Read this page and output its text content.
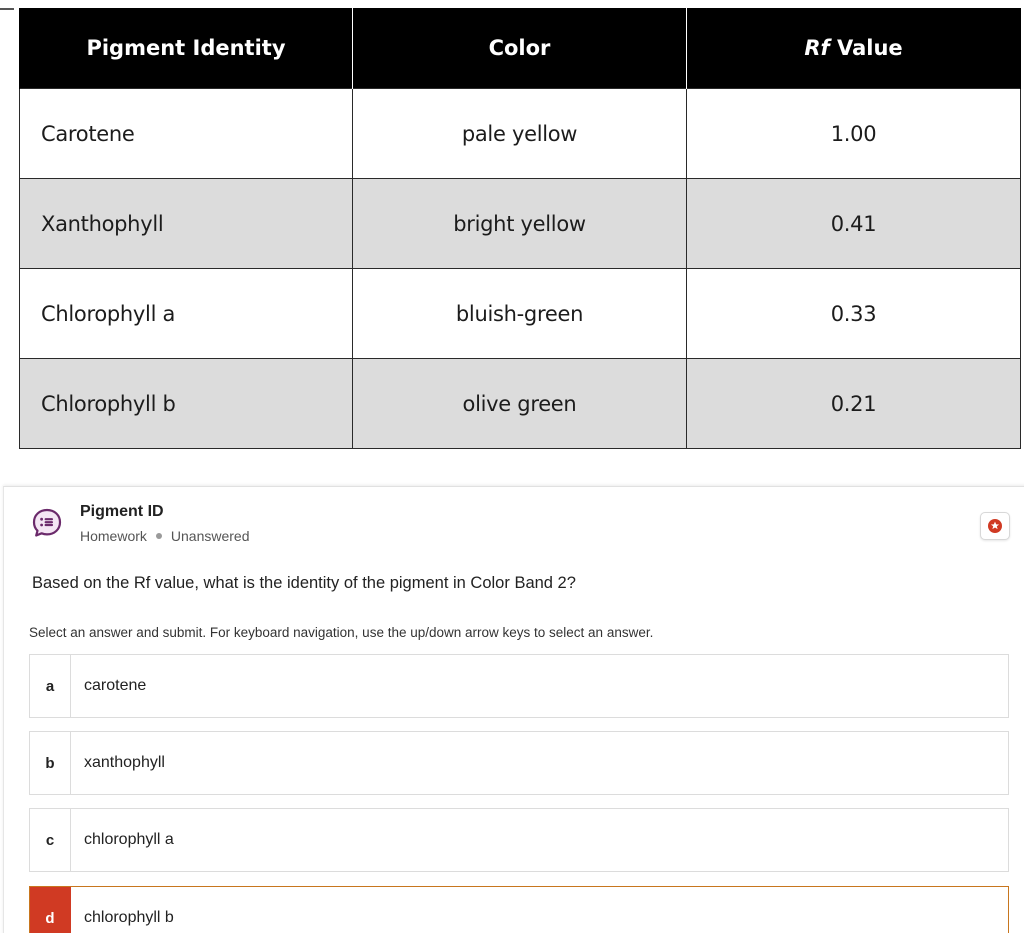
Pigment Identity	Color	Rf Value
Carotene	pale yellow	1.00
Xanthophyll	bright yellow	0.41
Chlorophyll a	bluish-green	0.33
Chlorophyll b	olive green	0.21
Pigment ID
Homework Unanswered
Based on the Rf value, what is the identity of the pigment in Color Band 2?
Select an answer and submit. For keyboard navigation, use the up/down arrow keys to select an answer.
a	carotene
b	xanthophyll
c	chlorophyll a
d	chlorophyll b
